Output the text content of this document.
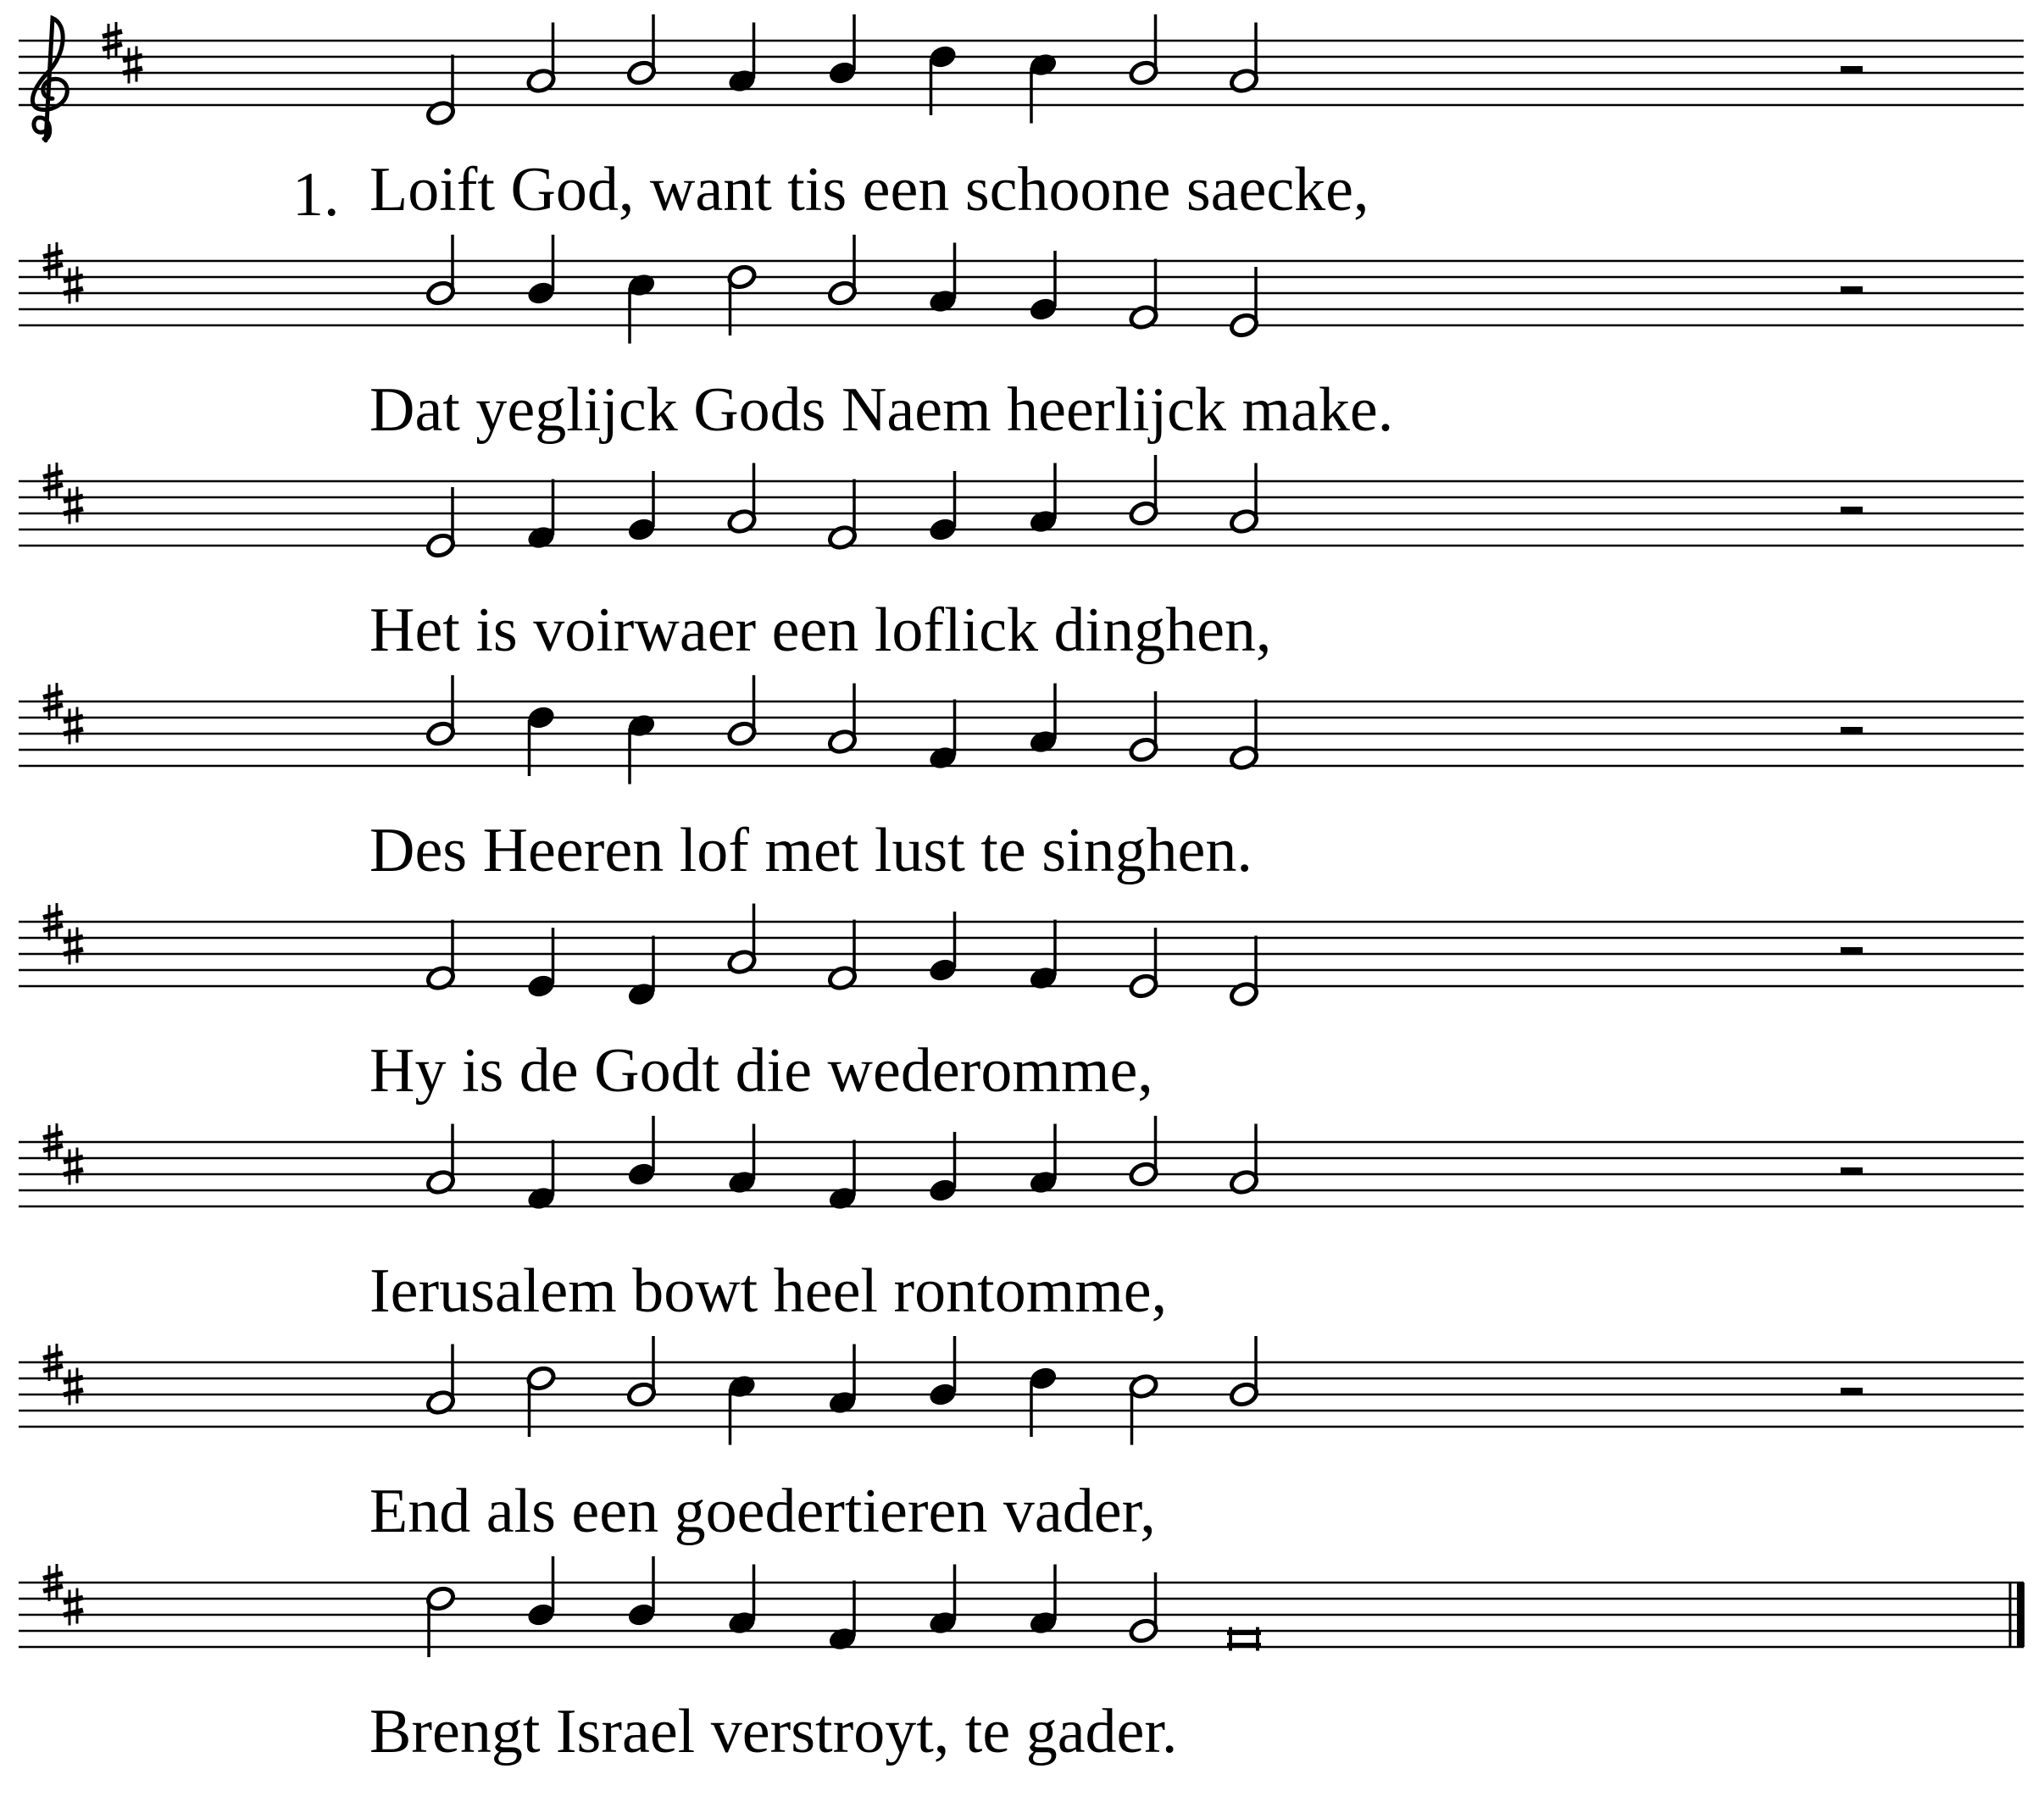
1. Loift God, want tis een schoone saecke,
Dat yeglijck Gods Naem heerlijck make.
Het is voirwaer een loflick dinghen,
Des Heeren lof met lust te singhen.
Hy is de Godt die wederomme,
Ierusalem bowt heel rontomme,
End als een goedertieren vader,
Brengt Israel verstroyt, te gader.
